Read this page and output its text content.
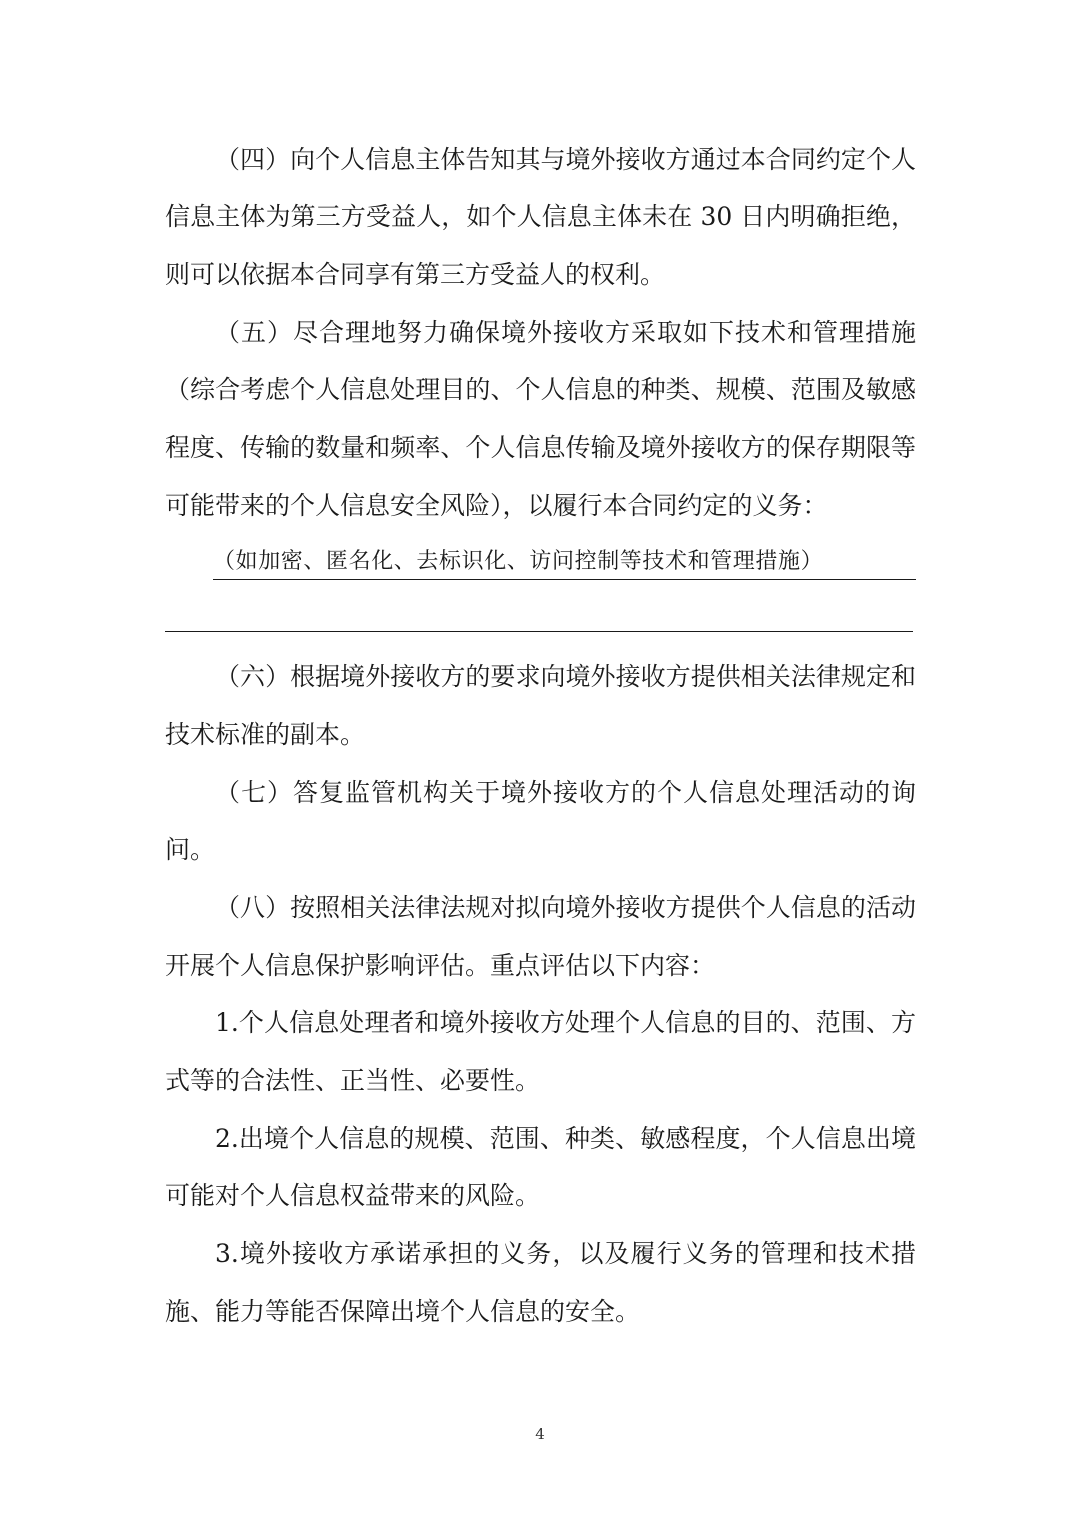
（四）向个人信息主体告知其与境外接收方通过本合同约定个人
信息主体为第三方受益人，如个人信息主体未在 30 日内明确拒绝，
则可以依据本合同享有第三方受益人的权利。
（五）尽合理地努力确保境外接收方采取如下技术和管理措施
（综合考虑个人信息处理目的、个人信息的种类、规模、范围及敏感
程度、传输的数量和频率、个人信息传输及境外接收方的保存期限等
可能带来的个人信息安全风险），以履行本合同约定的义务：
（如加密、匿名化、去标识化、访问控制等技术和管理措施）
（六）根据境外接收方的要求向境外接收方提供相关法律规定和
技术标准的副本。
（七）答复监管机构关于境外接收方的个人信息处理活动的询
问。
（八）按照相关法律法规对拟向境外接收方提供个人信息的活动
开展个人信息保护影响评估。重点评估以下内容：
1.个人信息处理者和境外接收方处理个人信息的目的、范围、方
式等的合法性、正当性、必要性。
2.出境个人信息的规模、范围、种类、敏感程度，个人信息出境
可能对个人信息权益带来的风险。
3.境外接收方承诺承担的义务，以及履行义务的管理和技术措
施、能力等能否保障出境个人信息的安全。
4
